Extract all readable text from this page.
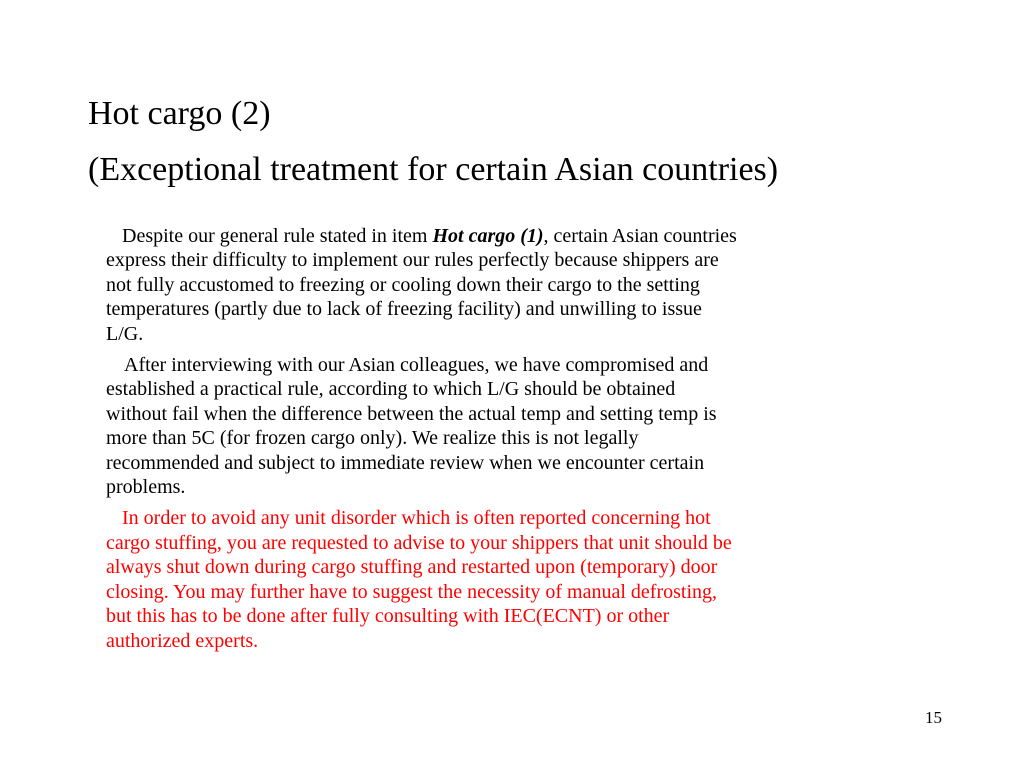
Hot cargo (2)
(Exceptional treatment for certain Asian countries)

Despite our general rule stated in item Hot cargo (1), certain Asian countries
express their difficulty to implement our rules perfectly because shippers are
not fully accustomed to freezing or cooling down their cargo to the setting
temperatures (partly due to lack of freezing facility) and unwilling to issue
L/G.

After interviewing with our Asian colleagues, we have compromised and
established a practical rule, according to which L/G should be obtained
without fail when the difference between the actual temp and setting temp is
more than 5C (for frozen cargo only). We realize this is not legally
recommended and subject to immediate review when we encounter certain
problems.

In order to avoid any unit disorder which is often reported concerning hot
cargo stuffing, you are requested to advise to your shippers that unit should be
always shut down during cargo stuffing and restarted upon (temporary) door
closing. You may further have to suggest the necessity of manual defrosting,
but this has to be done after fully consulting with IEC(ECNT) or other
authorized experts.

15
